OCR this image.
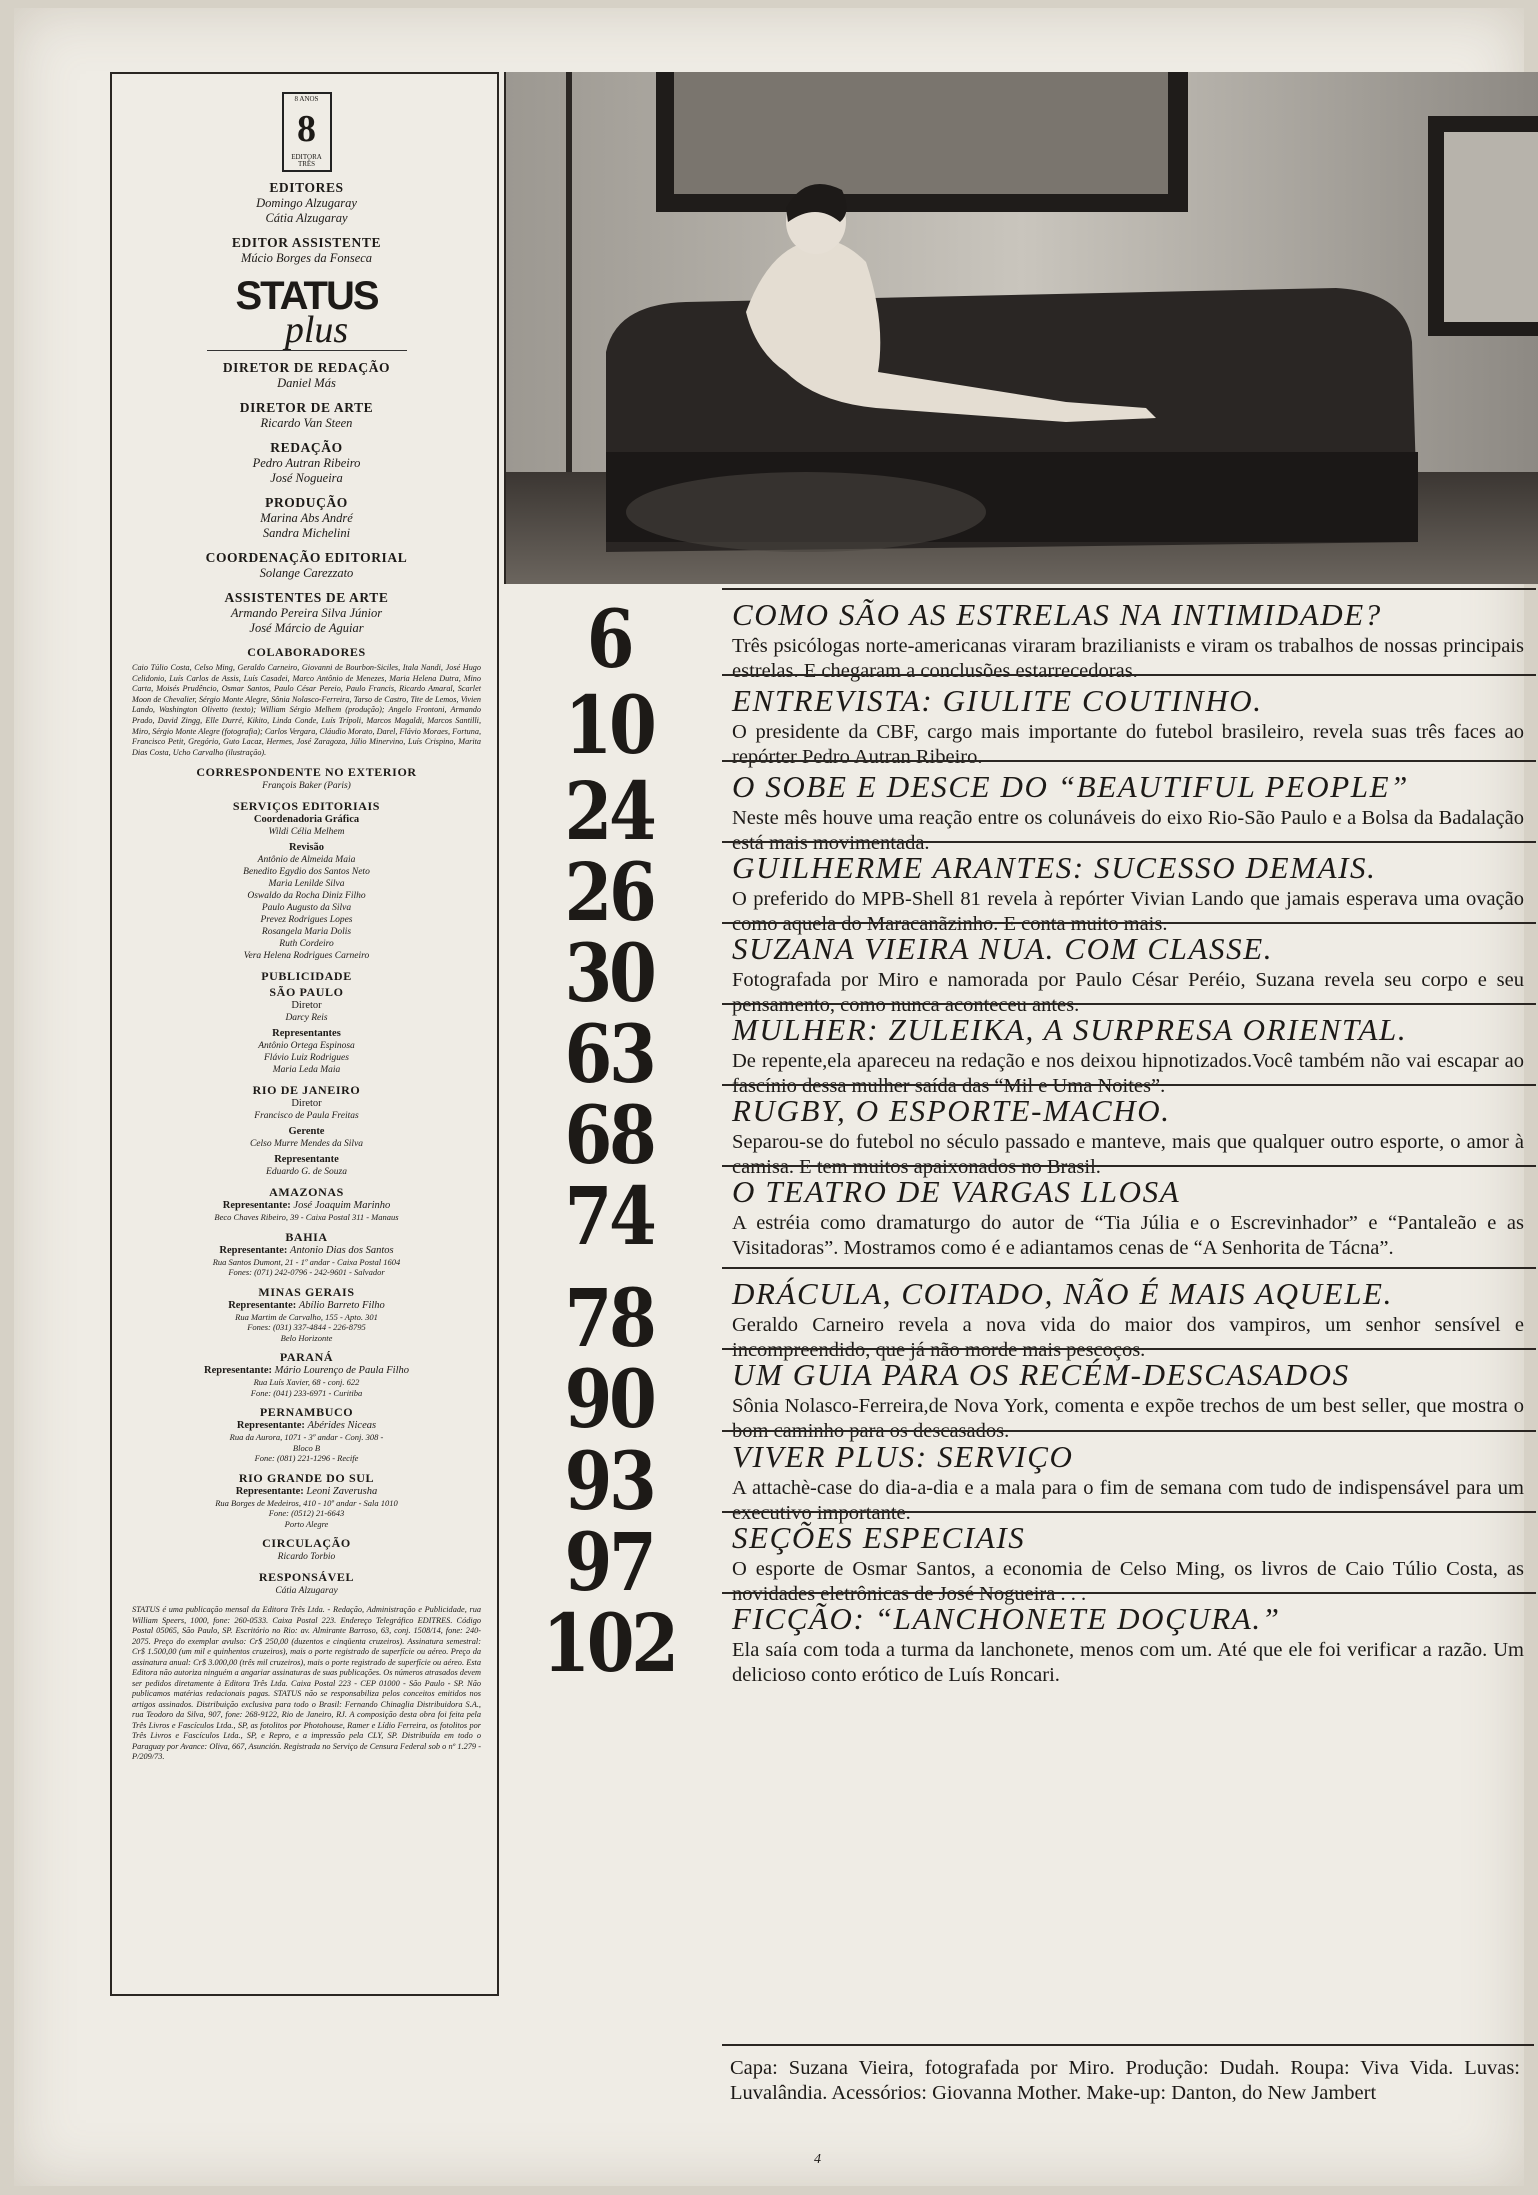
8 ANOS
8
EDITORA TRÊS
EDITORES
Domingo Alzugaray
Cátia Alzugaray
EDITOR ASSISTENTE
Múcio Borges da Fonseca
STATUS
plus
DIRETOR DE REDAÇÃO
Daniel Más
DIRETOR DE ARTE
Ricardo Van Steen
REDAÇÃO
Pedro Autran Ribeiro
José Nogueira
PRODUÇÃO
Marina Abs André
Sandra Michelini
COORDENAÇÃO EDITORIAL
Solange Carezzato
ASSISTENTES DE ARTE
Armando Pereira Silva Júnior
José Márcio de Aguiar
COLABORADORES
Caio Túlio Costa, Celso Ming, Geraldo Carneiro, Giovanni de Bourbon-Siciles, Itala Nandi, José Hugo Celidonio, Luís Carlos de Assis, Luís Casadei, Marco Antônio de Menezes, Maria Helena Dutra, Mino Carta, Moisés Prudêncio, Osmar Santos, Paulo César Pereio, Paulo Francis, Ricardo Amaral, Scarlet Moon de Chevalier, Sérgio Monte Alegre, Sônia Nolasco-Ferreira, Tarso de Castro, Tite de Lemos, Vivien Lando, Washington Olivetto (texto); William Sérgio Melhem (produção); Angelo Frontoni, Armando Prado, David Zingg, Elle Durré, Kikito, Linda Conde, Luís Trípoli, Marcos Magaldi, Marcos Santilli, Miro, Sérgio Monte Alegre (fotografia); Carlos Vergara, Cláudio Morato, Darel, Flávio Moraes, Fortuna, Francisco Petit, Gregório, Guto Lacaz, Hermes, José Zaragoza, Júlio Minervino, Luís Crispino, Marita Dias Costa, Ucho Carvalho (ilustração).
CORRESPONDENTE NO EXTERIOR
François Baker (Paris)
SERVIÇOS EDITORIAIS
Coordenadoria Gráfica
Wildi Célia Melhem
Revisão
Antônio de Almeida Maia
Benedito Egydio dos Santos Neto
Maria Lenilde Silva
Oswaldo da Rocha Diniz Filho
Paulo Augusto da Silva
Prevez Rodrigues Lopes
Rosangela Maria Dolis
Ruth Cordeiro
Vera Helena Rodrigues Carneiro
PUBLICIDADE
SÃO PAULO
Diretor
Darcy Reis
Representantes
Antônio Ortega Espinosa
Flávio Luiz Rodrigues
Maria Leda Maia
RIO DE JANEIRO
Diretor
Francisco de Paula Freitas
Gerente
Celso Murre Mendes da Silva
Representante
Eduardo G. de Souza
AMAZONAS
Representante: José Joaquim Marinho
Beco Chaves Ribeiro, 39 - Caixa Postal 311 - Manaus
BAHIA
Representante: Antonio Dias dos Santos
Rua Santos Dumont, 21 - 1º andar - Caixa Postal 1604
Fones: (071) 242-0796 - 242-9601 - Salvador
MINAS GERAIS
Representante: Abílio Barreto Filho
Rua Martim de Carvalho, 155 - Apto. 301
Fones: (031) 337-4844 - 226-8795
Belo Horizonte
PARANÁ
Representante: Mário Lourenço de Paula Filho
Rua Luís Xavier, 68 - conj. 622
Fone: (041) 233-6971 - Curitiba
PERNAMBUCO
Representante: Abérides Niceas
Rua da Aurora, 1071 - 3º andar - Conj. 308 -
Bloco B
Fone: (081) 221-1296 - Recife
RIO GRANDE DO SUL
Representante: Leoni Zaverusha
Rua Borges de Medeiros, 410 - 10º andar - Sala 1010
Fone: (0512) 21-6643
Porto Alegre
CIRCULAÇÃO
Ricardo Torbio
RESPONSÁVEL
Cátia Alzugaray
STATUS é uma publicação mensal da Editora Três Ltda. - Redação, Administração e Publicidade, rua William Speers, 1000, fone: 260-0533. Caixa Postal 223. Endereço Telegráfico EDITRES. Código Postal 05065, São Paulo, SP. Escritório no Rio: av. Almirante Barroso, 63, conj. 1508/14, fone: 240-2075. Preço do exemplar avulso: Cr$ 250,00 (duzentos e cinqüenta cruzeiros). Assinatura semestral: Cr$ 1.500,00 (um mil e quinhentos cruzeiros), mais o porte registrado de superfície ou aéreo. Preço da assinatura anual: Cr$ 3.000,00 (três mil cruzeiros), mais o porte registrado de superfície ou aéreo. Esta Editora não autoriza ninguém a angariar assinaturas de suas publicações. Os números atrasados devem ser pedidos diretamente à Editora Três Ltda. Caixa Postal 223 - CEP 01000 - São Paulo - SP. Não publicamos matérias redacionais pagas. STATUS não se responsabiliza pelos conceitos emitidos nos artigos assinados. Distribuição exclusiva para todo o Brasil: Fernando Chinaglia Distribuidora S.A., rua Teodoro da Silva, 907, fone: 268-9122, Rio de Janeiro, RJ. A composição desta obra foi feita pela Três Livros e Fascículos Ltda., SP, as fotolitos por Photohouse, Ramer e Lídio Ferreira, os fotolitos por Três Livros e Fascículos Ltda., SP, e Repro, e a impressão pela CLY, SP. Distribuída em todo o Paraguay por Avance: Oliva, 667, Asunción. Registrada no Serviço de Censura Federal sob o nº 1.279 - P/209/73.
6	COMO SÃO AS ESTRELAS NA INTIMIDADE?
Três psicólogas norte-americanas viraram brazilianists e viram os trabalhos de nossas principais estrelas. E chegaram a conclusões estarrecedoras.
10	ENTREVISTA: GIULITE COUTINHO.
O presidente da CBF, cargo mais importante do futebol brasileiro, revela suas três faces ao repórter Pedro Autran Ribeiro.
24	O SOBE E DESCE DO “BEAUTIFUL PEOPLE”
Neste mês houve uma reação entre os colunáveis do eixo Rio-São Paulo e a Bolsa da Badalação está mais movimentada.
26	GUILHERME ARANTES: SUCESSO DEMAIS.
O preferido do MPB-Shell 81 revela à repórter Vivian Lando que jamais esperava uma ovação como aquela do Maracanãzinho. E conta muito mais.
30	SUZANA VIEIRA NUA. COM CLASSE.
Fotografada por Miro e namorada por Paulo César Peréio, Suzana revela seu corpo e seu pensamento, como nunca aconteceu antes.
63	MULHER: ZULEIKA, A SURPRESA ORIENTAL.
De repente,ela apareceu na redação e nos deixou hipnotizados.Você também não vai escapar ao fascínio dessa mulher saída das “Mil e Uma Noites”.
68	RUGBY, O ESPORTE-MACHO.
Separou-se do futebol no século passado e manteve, mais que qualquer outro esporte, o amor à camisa. E tem muitos apaixonados no Brasil.
74	O TEATRO DE VARGAS LLOSA
A estréia como dramaturgo do autor de “Tia Júlia e o Escrevinhador” e “Pantaleão e as Visitadoras”. Mostramos como é e adiantamos cenas de “A Senhorita de Tácna”.
78	DRÁCULA, COITADO, NÃO É MAIS AQUELE.
Geraldo Carneiro revela a nova vida do maior dos vampiros, um senhor sensível e incompreendido, que já não morde mais pescoços.
90	UM GUIA PARA OS RECÉM-DESCASADOS
Sônia Nolasco-Ferreira,de Nova York, comenta e expõe trechos de um best seller, que mostra o bom caminho para os descasados.
93	VIVER PLUS: SERVIÇO
A attachè-case do dia-a-dia e a mala para o fim de semana com tudo de indispensável para um executivo importante.
97	SEÇÕES ESPECIAIS
O esporte de Osmar Santos, a economia de Celso Ming, os livros de Caio Túlio Costa, as novidades eletrônicas de José Nogueira . . .
102 FICÇÃO: “LANCHONETE DOÇURA.”
Ela saía com toda a turma da lanchonete, menos com um. Até que ele foi verificar a razão. Um delicioso conto erótico de Luís Roncari.
Capa: Suzana Vieira, fotografada por Miro. Produção: Dudah. Roupa: Viva Vida. Luvas: Luvalândia. Acessórios: Giovanna Mother. Make-up: Danton, do New Jambert
4
